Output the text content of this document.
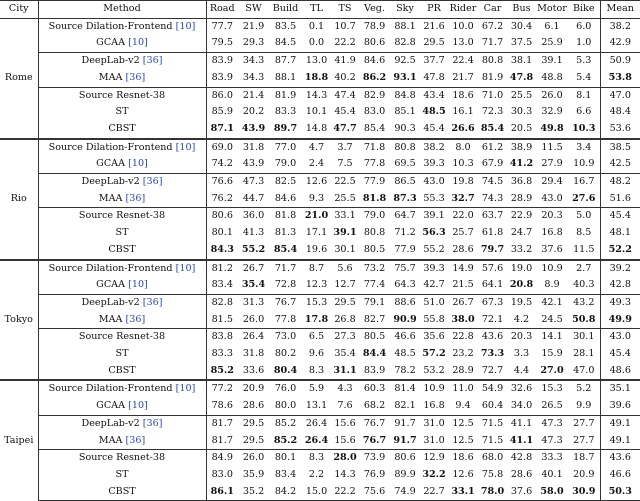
City	Method	Road	SW	Build	TL	TS	Veg.	Sky	PR	Rider	Car	Bus	Motor	Bike	Mean
Rome	Source Dilation-Frontend [10]	77.7	21.9	83.5	0.1	10.7	78.9	88.1	21.6	10.0	67.2	30.4	6.1	6.0	38.2
	GCAA [10]	79.5	29.3	84.5	0.0	22.2	80.6	82.8	29.5	13.0	71.7	37.5	25.9	1.0	42.9
	DeepLab-v2 [36]	83.9	34.3	87.7	13.0	41.9	84.6	92.5	37.7	22.4	80.8	38.1	39.1	5.3	50.9
	MAA [36]	83.9	34.3	88.1	18.8	40.2	86.2	93.1	47.8	21.7	81.9	47.8	48.8	5.4	53.8
	Source Resnet-38	86.0	21.4	81.9	14.3	47.4	82.9	84.8	43.4	18.6	71.0	25.5	26.0	8.1	47.0
	ST	85.9	20.2	83.3	10.1	45.4	83.0	85.1	48.5	16.1	72.3	30.3	32.9	6.6	48.4
	CBST	87.1	43.9	89.7	14.8	47.7	85.4	90.3	45.4	26.6	85.4	20.5	49.8	10.3	53.6
Rio	Source Dilation-Frontend [10]	69.0	31.8	77.0	4.7	3.7	71.8	80.8	38.2	8.0	61.2	38.9	11.5	3.4	38.5
	GCAA [10]	74.2	43.9	79.0	2.4	7.5	77.8	69.5	39.3	10.3	67.9	41.2	27.9	10.9	42.5
	DeepLab-v2 [36]	76.6	47.3	82.5	12.6	22.5	77.9	86.5	43.0	19.8	74.5	36.8	29.4	16.7	48.2
	MAA [36]	76.2	44.7	84.6	9.3	25.5	81.8	87.3	55.3	32.7	74.3	28.9	43.0	27.6	51.6
	Source Resnet-38	80.6	36.0	81.8	21.0	33.1	79.0	64.7	39.1	22.0	63.7	22.9	20.3	5.0	45.4
	ST	80.1	41.3	81.3	17.1	39.1	80.8	71.2	56.3	25.7	61.8	24.7	16.8	8.5	48.1
	CBST	84.3	55.2	85.4	19.6	30.1	80.5	77.9	55.2	28.6	79.7	33.2	37.6	11.5	52.2
Tokyo	Source Dilation-Frontend [10]	81.2	26.7	71.7	8.7	5.6	73.2	75.7	39.3	14.9	57.6	19.0	10.9	2.7	39.2
	GCAA [10]	83.4	35.4	72.8	12.3	12.7	77.4	64.3	42.7	21.5	64.1	20.8	8.9	40.3	42.8
	DeepLab-v2 [36]	82.8	31.3	76.7	15.3	29.5	79.1	88.6	51.0	26.7	67.3	19.5	42.1	43.2	49.3
	MAA [36]	81.5	26.0	77.8	17.8	26.8	82.7	90.9	55.8	38.0	72.1	4.2	24.5	50.8	49.9
	Source Resnet-38	83.8	26.4	73.0	6.5	27.3	80.5	46.6	35.6	22.8	43.6	20.3	14.1	30.1	43.0
	ST	83.3	31.8	80.2	9.6	35.4	84.4	48.5	57.2	23.2	73.3	3.3	15.9	28.1	45.4
	CBST	85.2	33.6	80.4	8.3	31.1	83.9	78.2	53.2	28.9	72.7	4.4	27.0	47.0	48.6
Taipei	Source Dilation-Frontend [10]	77.2	20.9	76.0	5.9	4.3	60.3	81.4	10.9	11.0	54.9	32.6	15.3	5.2	35.1
	GCAA [10]	78.6	28.6	80.0	13.1	7.6	68.2	82.1	16.8	9.4	60.4	34.0	26.5	9.9	39.6
	DeepLab-v2 [36]	81.7	29.5	85.2	26.4	15.6	76.7	91.7	31.0	12.5	71.5	41.1	47.3	27.7	49.1
	MAA [36]	81.7	29.5	85.2	26.4	15.6	76.7	91.7	31.0	12.5	71.5	41.1	47.3	27.7	49.1
	Source Resnet-38	84.9	26.0	80.1	8.3	28.0	73.9	80.6	12.9	18.6	68.0	42.8	33.3	18.7	43.6
	ST	83.0	35.9	83.4	2.2	14.3	76.9	89.9	32.2	12.6	75.8	28.6	40.1	20.9	46.6
	CBST	86.1	35.2	84.2	15.0	22.2	75.6	74.9	22.7	33.1	78.0	37.6	58.0	30.9	50.3
